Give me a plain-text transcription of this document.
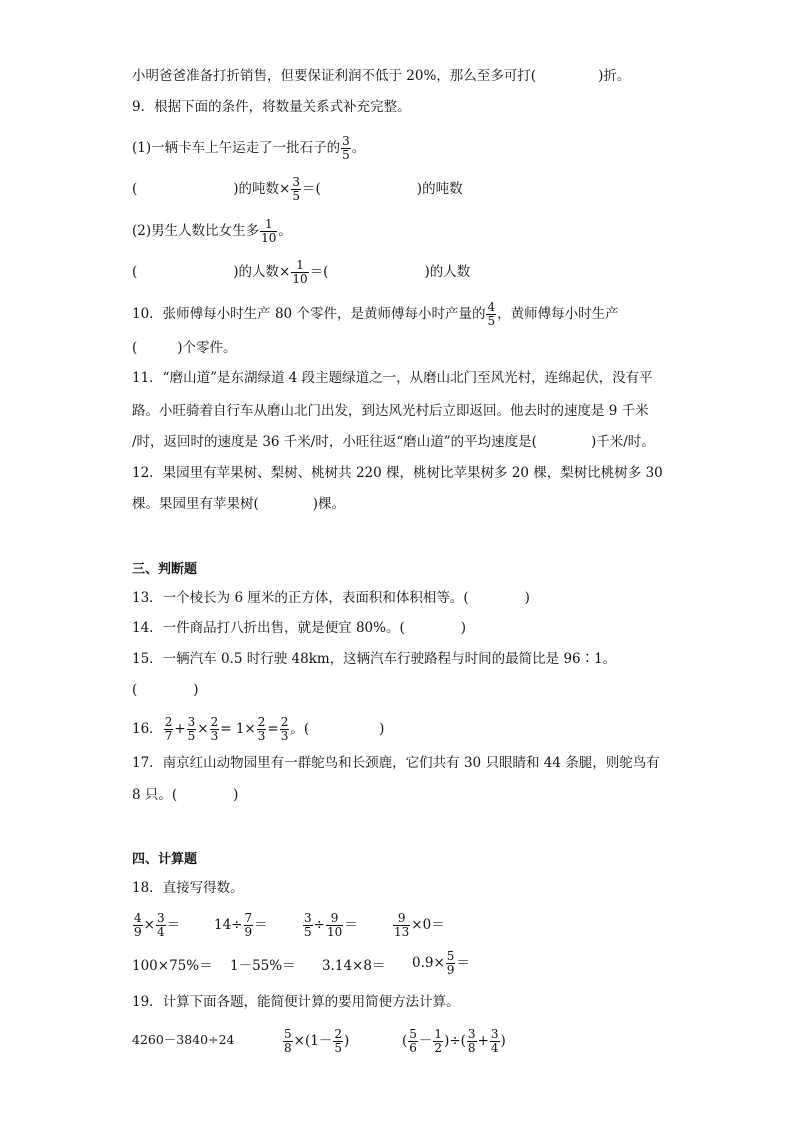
小明爸爸准备打折销售，但要保证利润不低于 20%，那么至多可打(	)折。
9．根据下面的条件，将数量关系式补充完整。
(1)一辆卡车上午运走了一批石子的 $\frac{3}{5}$ 。
(	)的吨数× $\frac{3}{5}$ ＝(	)的吨数
(2)男生人数比女生多 $\frac{1}{10}$ 。
(	)的人数× $\frac{1}{10}$ ＝(	)的人数
10．张师傅每小时生产 80 个零件，是黄师傅每小时产量的 $\frac{4}{5}$ ，黄师傅每小时生产
(	)个零件。
11．“磨山道”是东湖绿道 4 段主题绿道之一，从磨山北门至风光村，连绵起伏，没有平
路。小旺骑着自行车从磨山北门出发，到达风光村后立即返回。他去时的速度是 9 千米
/时，返回时的速度是 36 千米/时，小旺往返“磨山道”的平均速度是(	)千米/时。
12．果园里有苹果树、梨树、桃树共 220 棵，桃树比苹果树多 20 棵，梨树比桃树多 30
棵。果园里有苹果树(	)棵。
三、判断题
13．一个棱长为 6 厘米的正方体，表面积和体积相等。(	)
14．一件商品打八折出售，就是便宜 80%。(	)
15．一辆汽车 0.5 时行驶 48km，这辆汽车行驶路程与时间的最简比是 96∶1。
(	)
16． $\frac{2}{7} + \frac{3}{5} \times \frac{2}{3} = 1\times \frac{2}{3} = \frac{2}{3}$ 。(	)
17．南京红山动物园里有一群鸵鸟和长颈鹿，它们共有 30 只眼睛和 44 条腿，则鸵鸟有
8 只。(	)
四、计算题
18．直接写得数。
$\frac{4}{9} \times \frac{3}{4}$ ＝	$14\div \frac{7}{9}$ ＝	$\frac{3}{5} \div \frac{9}{10}$ ＝	$\frac{9}{13} \times 0=$
$100\times 75\%= 1-55\%= 3.14\times 8= 0.9\times \frac{5}{9}$ ＝
19．计算下面各题，能简便计算的要用简便方法计算。
4260－3840÷24	$\frac{5}{8} \times(1- \frac{2}{5}$ )	( $\frac{5}{6} - \frac{1}{2}$ )÷( $\frac{3}{8} + \frac{3}{4}$ )
